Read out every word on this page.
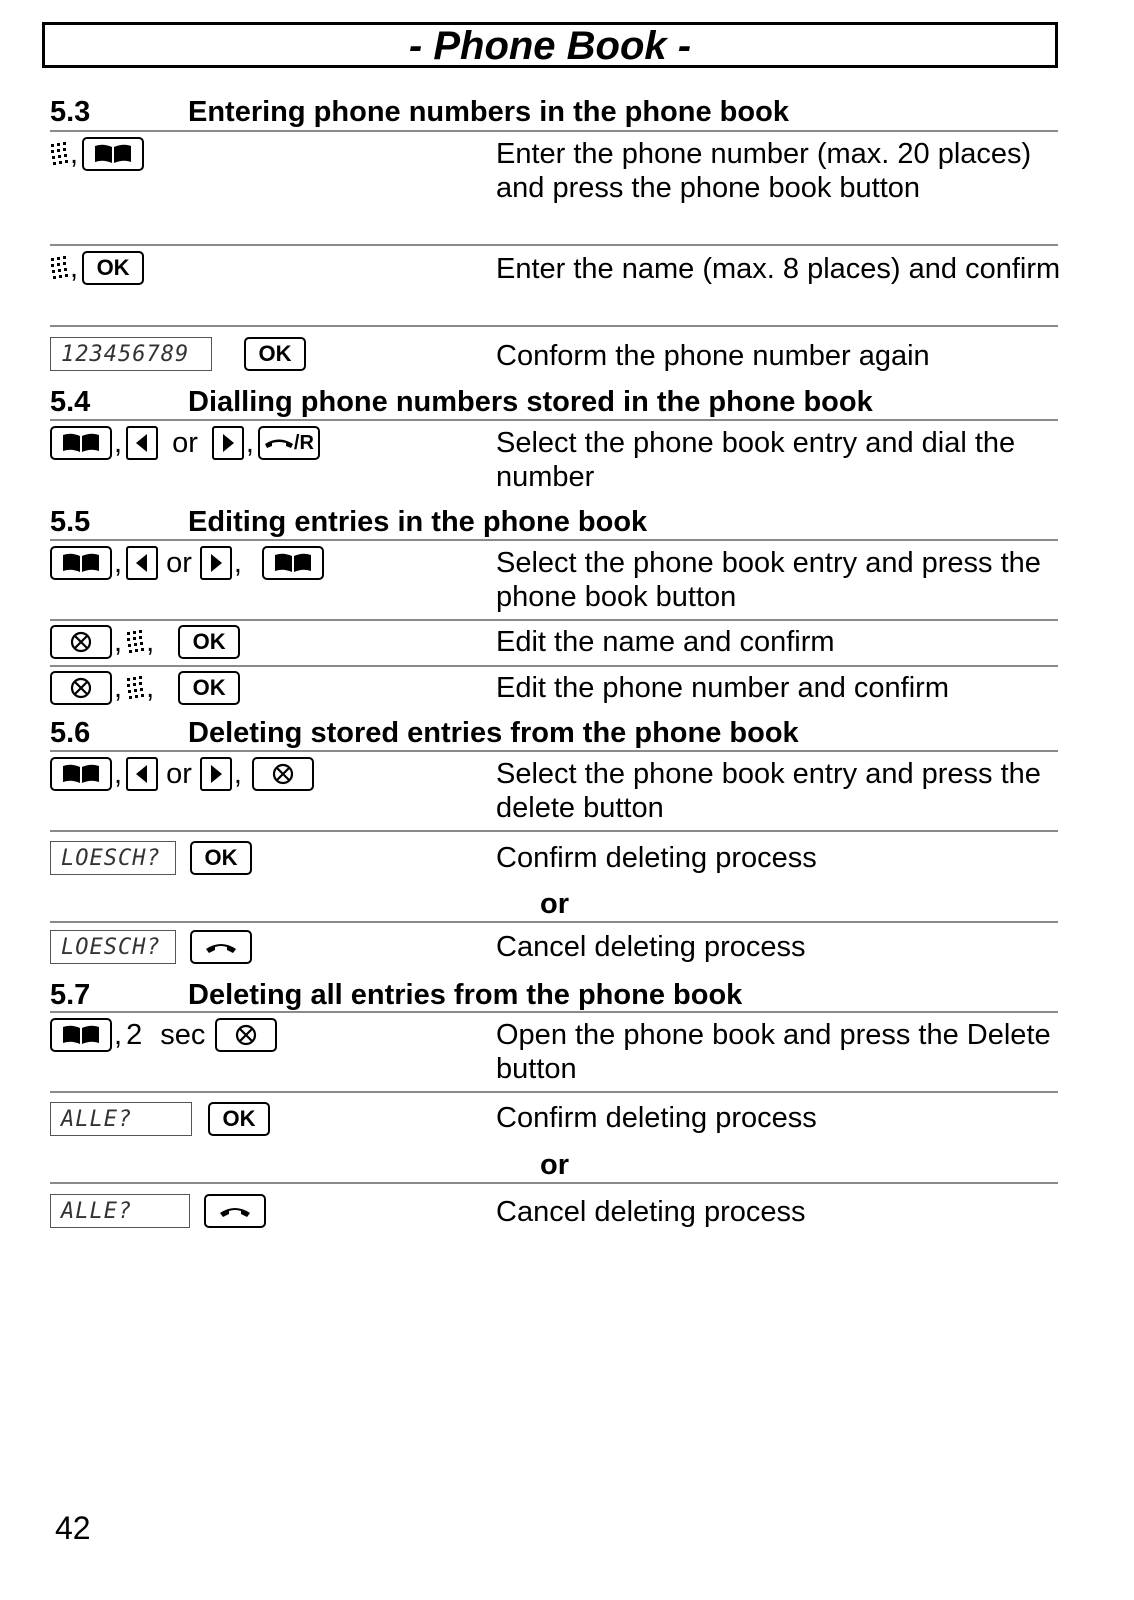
- Phone Book -
5.3	Entering phone numbers in the phone book
,	Enter the phone number (max. 20 places) and press the phone book button
, OK	Enter the name (max. 8 places) and confirm
123456789	OK	Conform the phone number again
5.4	Dialling phone numbers stored in the phone book
, or , /R	Select the phone book entry and dial the number
5.5	Editing entries in the phone book
, or ,	Select the phone book entry and press the phone book button
, ,	OK	Edit the name and confirm
, ,	OK	Edit the phone number and confirm
5.6	Deleting stored entries from the phone book
, or ,	Select the phone book entry and press the delete button
LOESCH?	OK	Confirm deleting process
or
LOESCH?	Cancel deleting process
5.7	Deleting all entries from the phone book
, 2 sec	Open the phone book and press the Delete button
ALLE?	OK	Confirm deleting process
or
ALLE?	Cancel deleting process
42
